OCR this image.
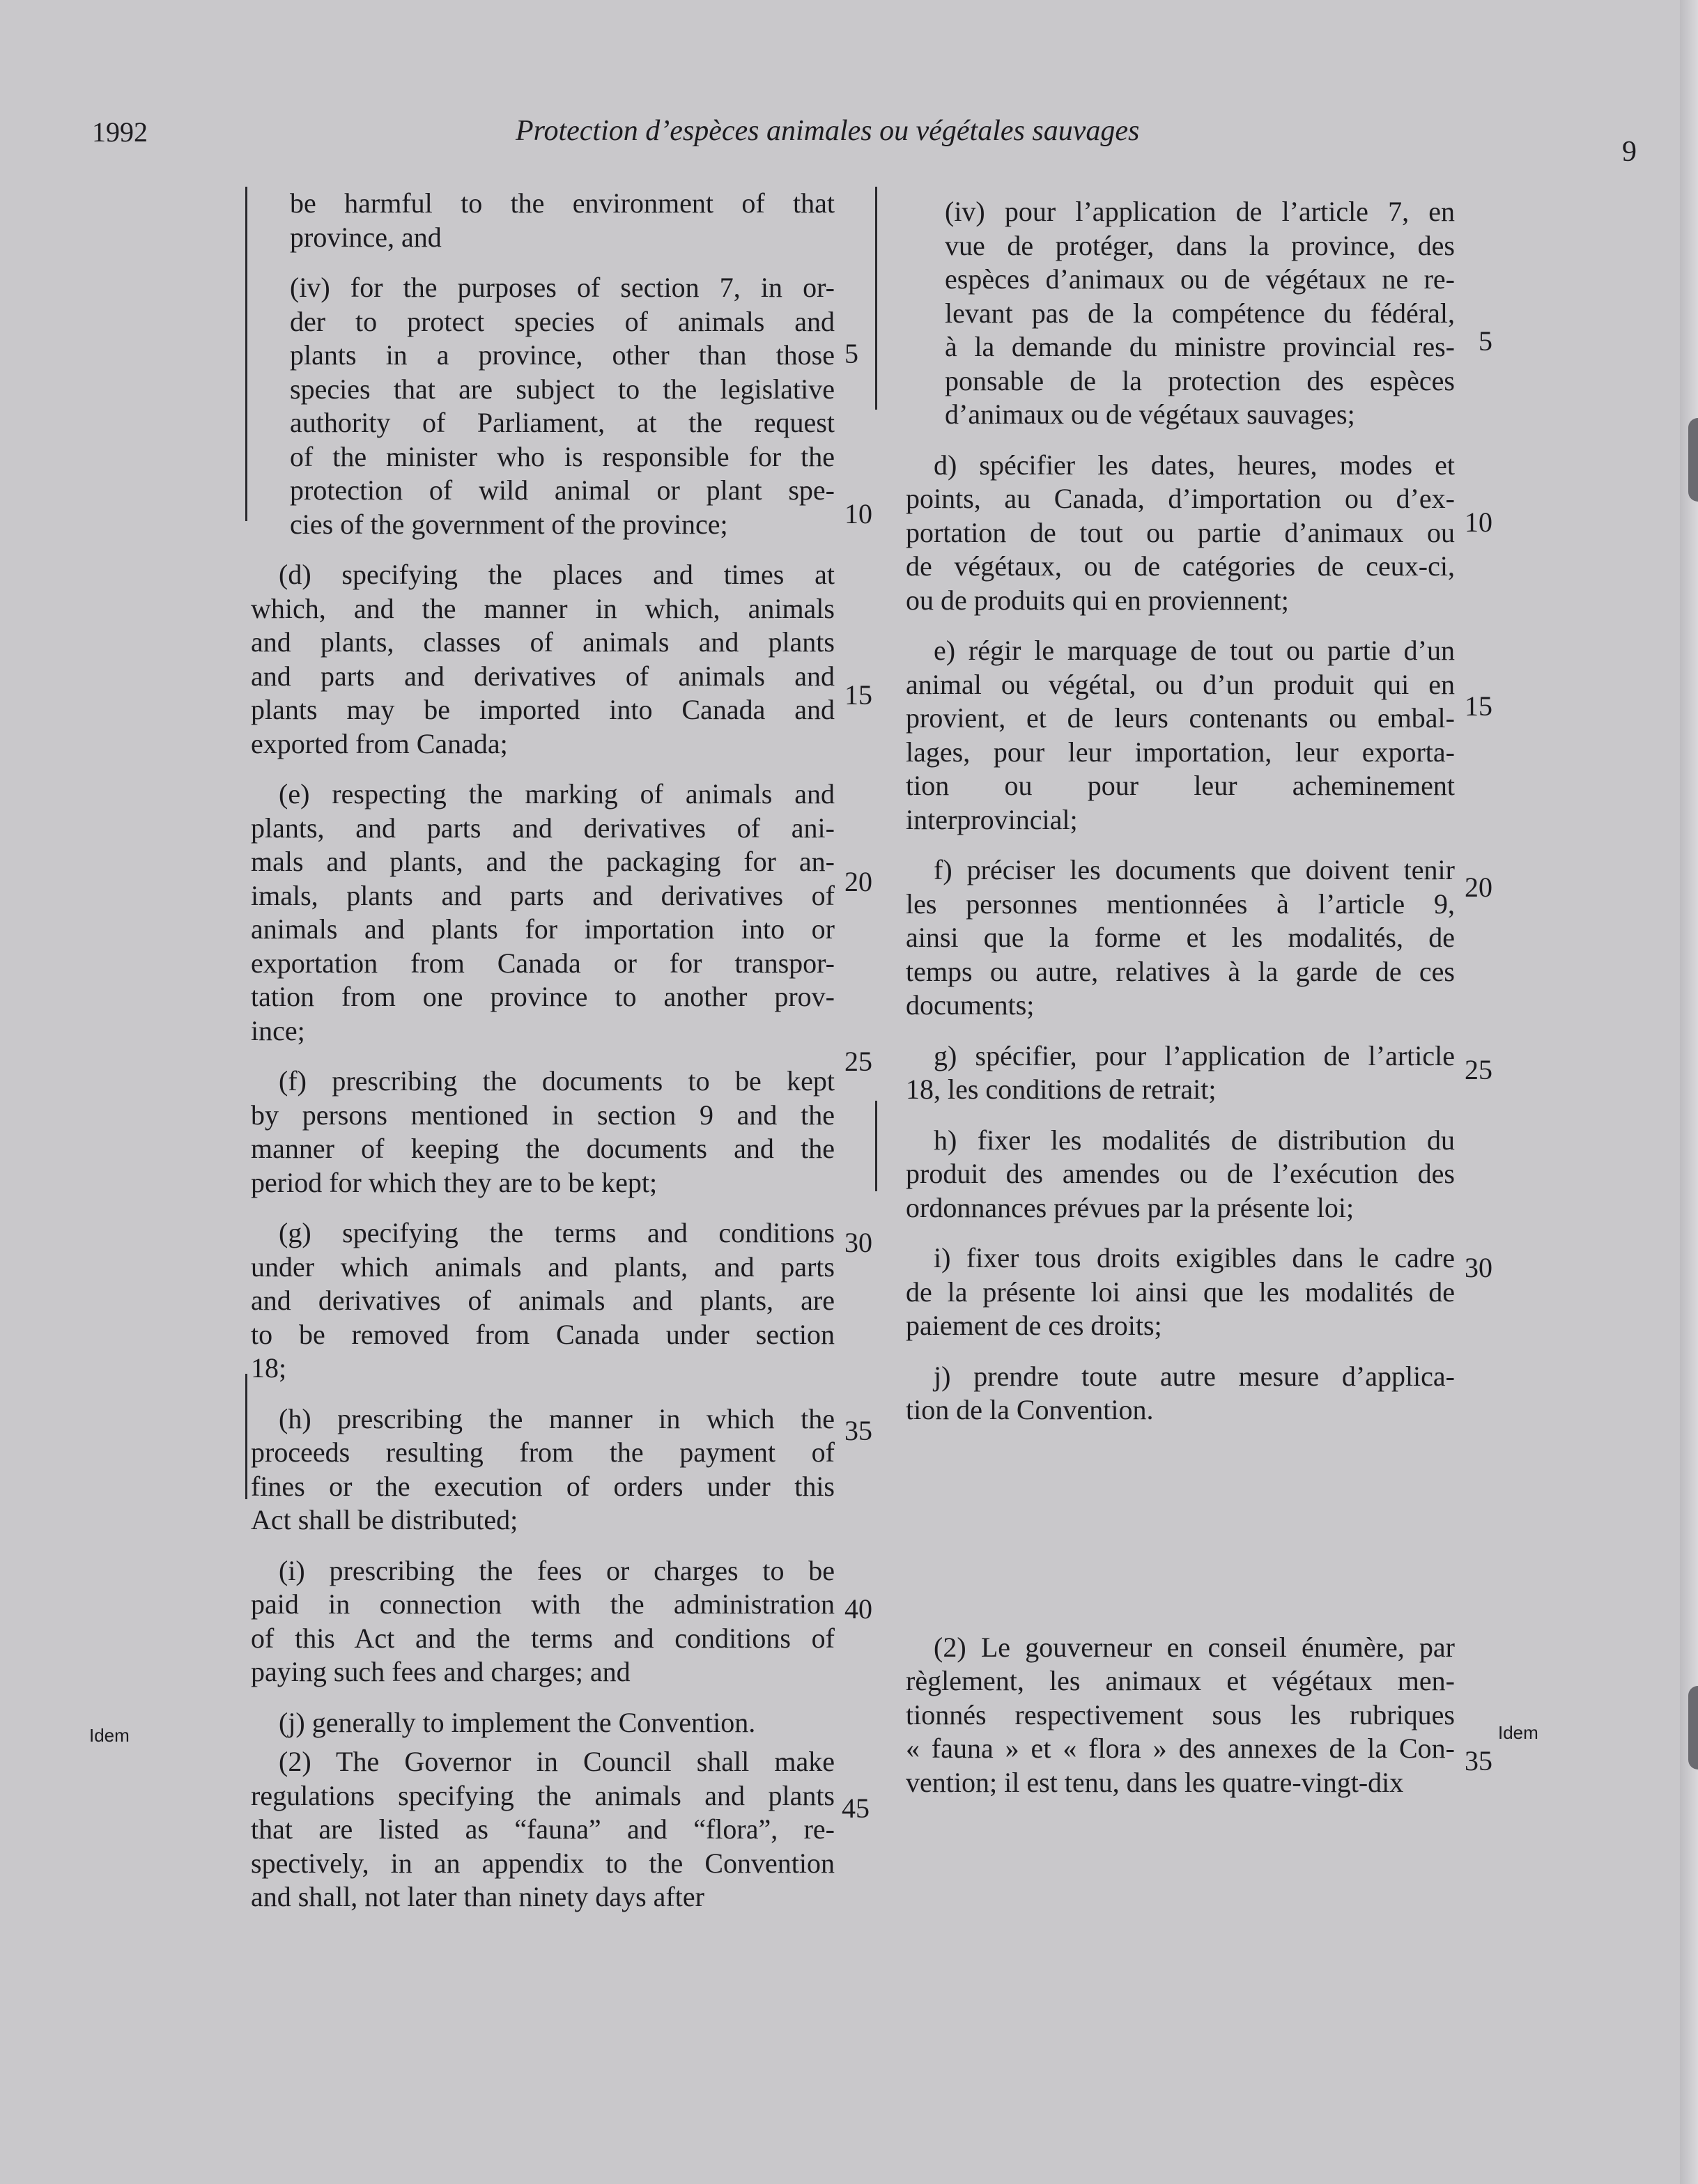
1992	Protection d’espèces animales ou végétales sauvages
9
Idem	Idem
be harmful to the environment of that
province, and
(iv) for the purposes of section 7, in or-
der to protect species of animals and
plants in a province, other than those
species that are subject to the legislative
authority of Parliament, at the request
of the minister who is responsible for the
protection of wild animal or plant spe-
cies of the government of the province;
(d) specifying the places and times at
which, and the manner in which, animals
and plants, classes of animals and plants
and parts and derivatives of animals and
plants may be imported into Canada and
exported from Canada;
(e) respecting the marking of animals and
plants, and parts and derivatives of ani-
mals and plants, and the packaging for an-
imals, plants and parts and derivatives of
animals and plants for importation into or
exportation from Canada or for transpor-
tation from one province to another prov-
ince;
(f) prescribing the documents to be kept
by persons mentioned in section 9 and the
manner of keeping the documents and the
period for which they are to be kept;
(g) specifying the terms and conditions
under which animals and plants, and parts
and derivatives of animals and plants, are
to be removed from Canada under section
18;
(h) prescribing the manner in which the
proceeds resulting from the payment of
fines or the execution of orders under this
Act shall be distributed;
(i) prescribing the fees or charges to be
paid in connection with the administration
of this Act and the terms and conditions of
paying such fees and charges; and
(j) generally to implement the Convention.
(2) The Governor in Council shall make
regulations specifying the animals and plants
that are listed as “fauna” and “flora”, re-
spectively, in an appendix to the Convention
and shall, not later than ninety days after
(iv) pour l’application de l’article 7, en
vue de protéger, dans la province, des
espèces d’animaux ou de végétaux ne re-
levant pas de la compétence du fédéral,
à la demande du ministre provincial res-
ponsable de la protection des espèces
d’animaux ou de végétaux sauvages;
d) spécifier les dates, heures, modes et
points, au Canada, d’importation ou d’ex-
portation de tout ou partie d’animaux ou
de végétaux, ou de catégories de ceux-ci,
ou de produits qui en proviennent;
e) régir le marquage de tout ou partie d’un
animal ou végétal, ou d’un produit qui en
provient, et de leurs contenants ou embal-
lages, pour leur importation, leur exporta-
tion ou pour leur acheminement
interprovincial;
f) préciser les documents que doivent tenir
les personnes mentionnées à l’article 9,
ainsi que la forme et les modalités, de
temps ou autre, relatives à la garde de ces
documents;
g) spécifier, pour l’application de l’article
18, les conditions de retrait;
h) fixer les modalités de distribution du
produit des amendes ou de l’exécution des
ordonnances prévues par la présente loi;
i) fixer tous droits exigibles dans le cadre
de la présente loi ainsi que les modalités de
paiement de ces droits;
j) prendre toute autre mesure d’applica-
tion de la Convention.
(2) Le gouverneur en conseil énumère, par
règlement, les animaux et végétaux men-
tionnés respectivement sous les rubriques
« fauna » et « flora » des annexes de la Con-
vention; il est tenu, dans les quatre-vingt-dix
5
10
15
20
25
30
35
40
45
5
10
15
20
25
30
35
